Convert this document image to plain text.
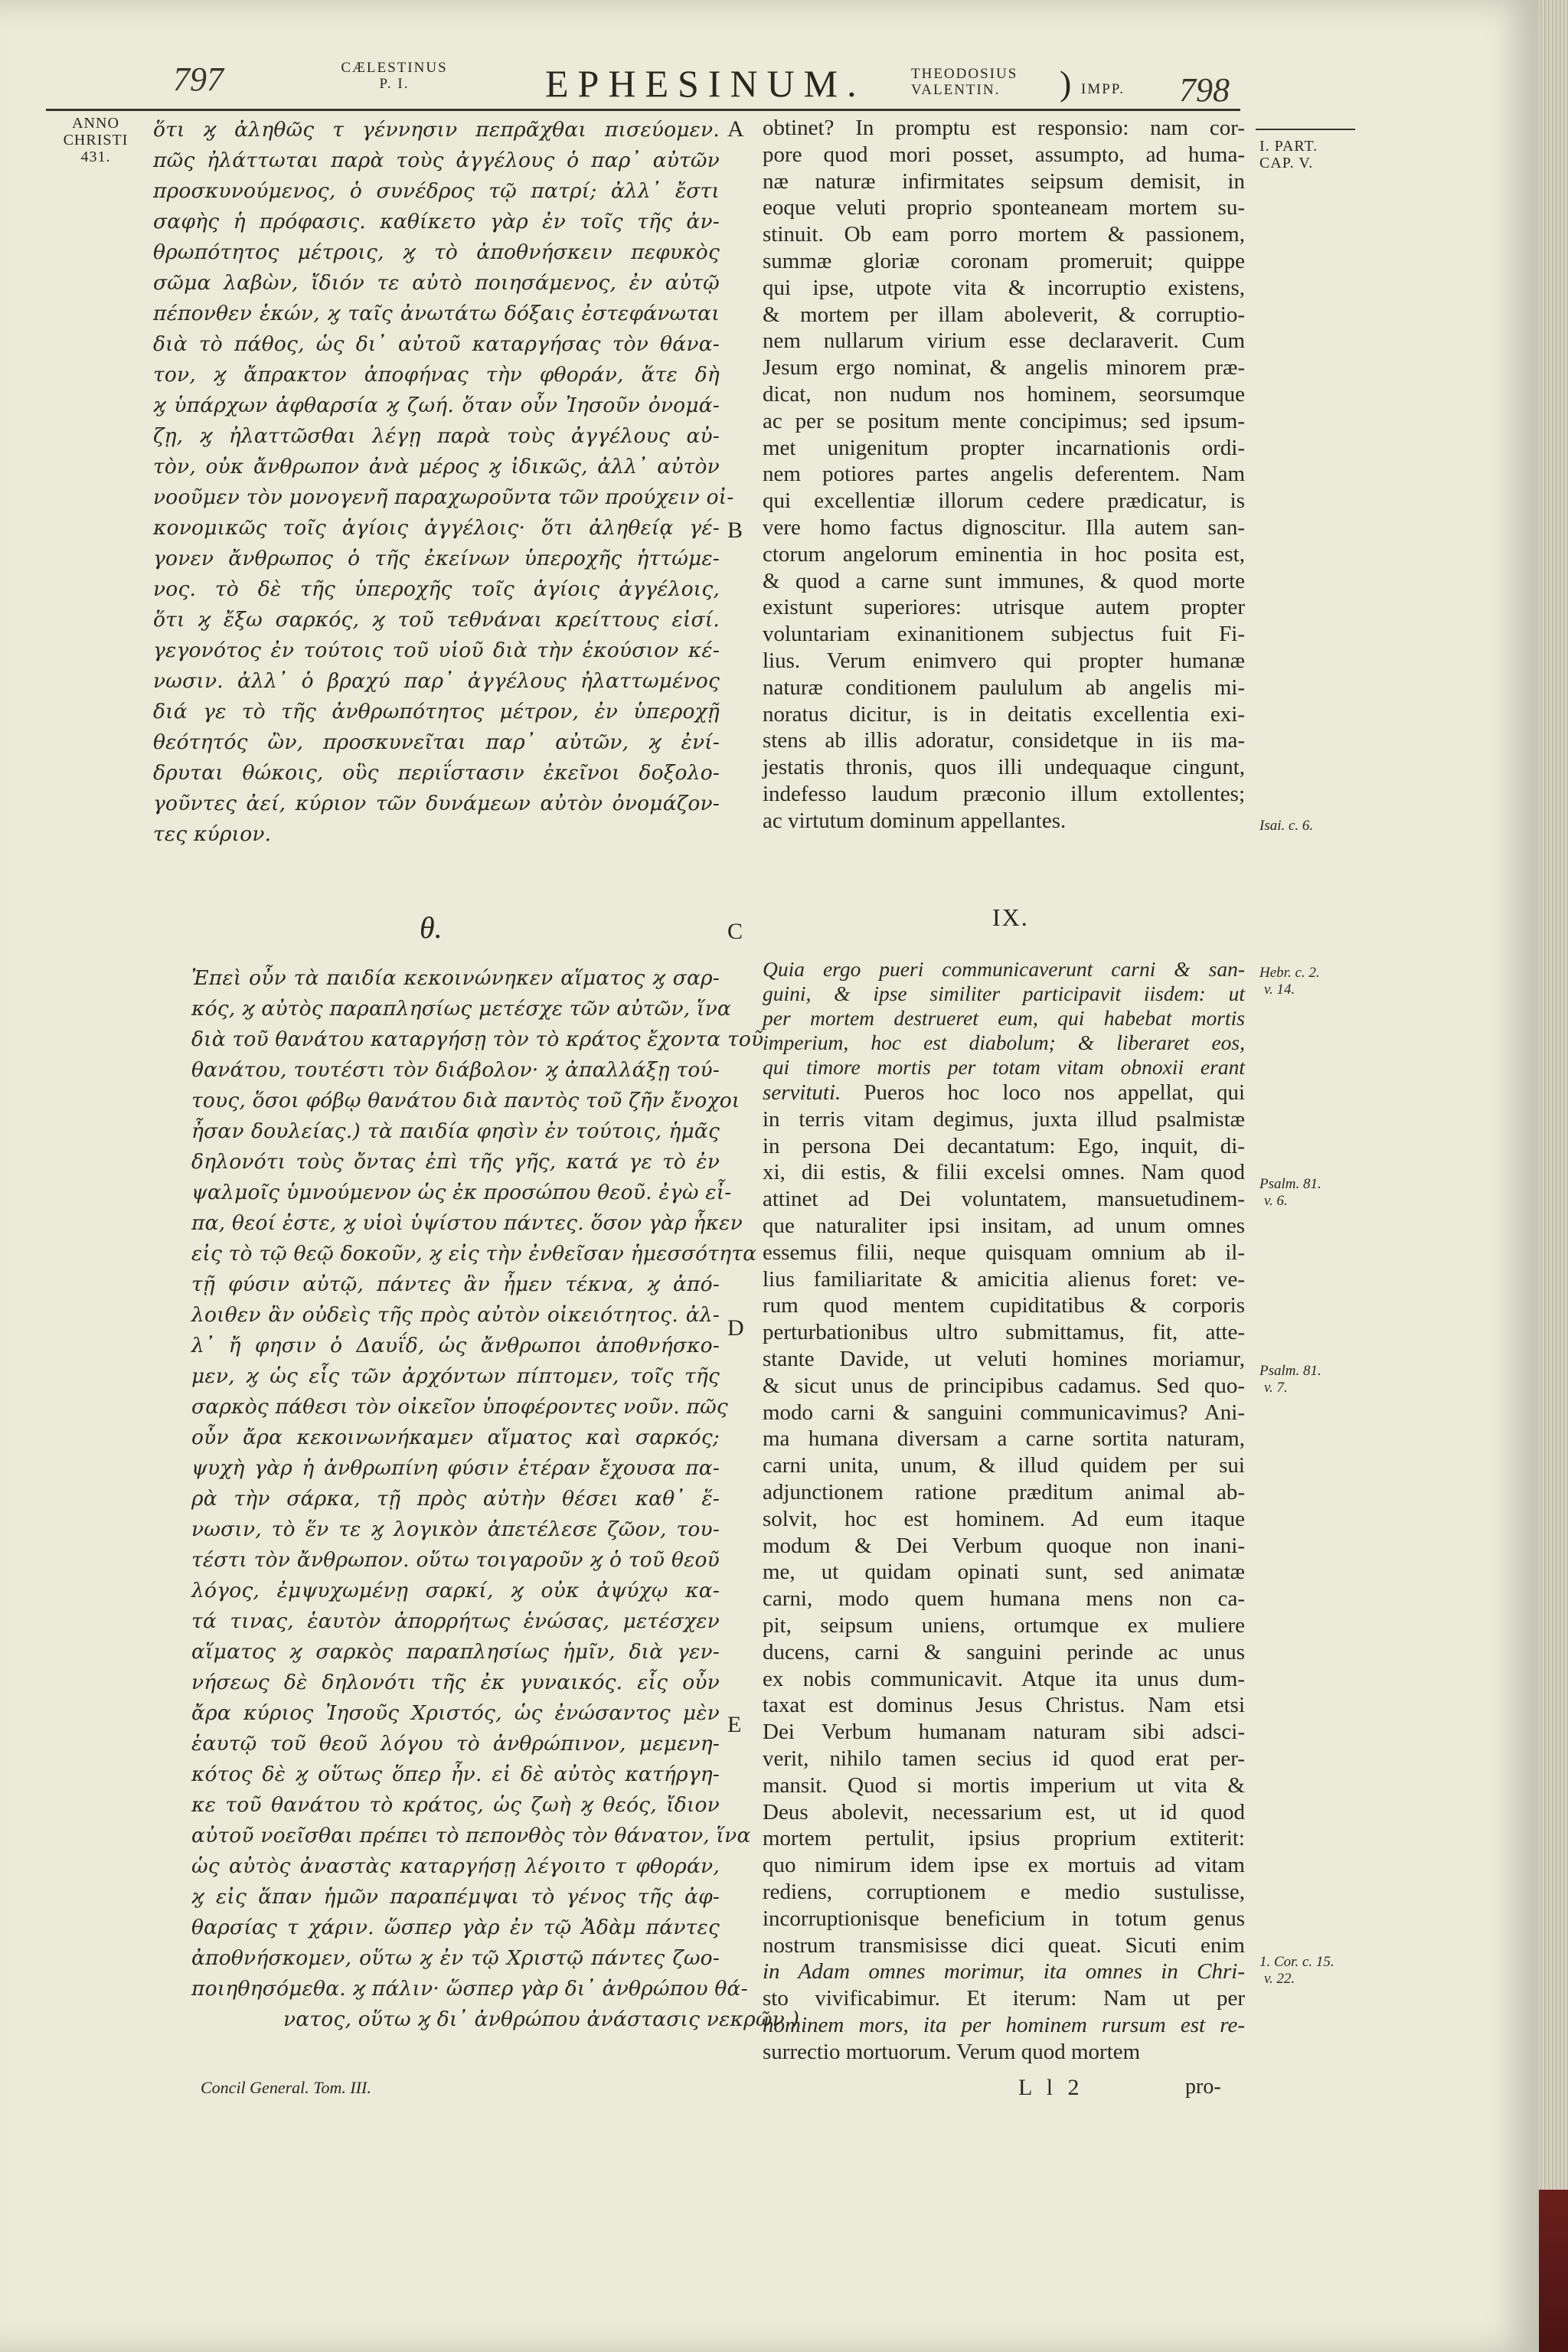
797	CÆLESTINUS
P. I.	EPHESINUM.	THEODOSIUS
VALENTIN.	) IMPP. 798
ANNO
CHRISTI
431.
I. PART.
CAP. V.
Isai. c. 6.
Hebr. c. 2.
v. 14.
Psalm. 81.
v. 6.
Psalm. 81.
v. 7.
1. Cor. c. 15.
v. 22.
A
B
C
D
E
ὅτι ϗ ἀληθῶς τ γέννησιν πεπρᾶχθαι πισεύομεν.
πῶς ἠλάττωται παρὰ τοὺς ἀγγέλους ὁ παρ᾽ αὐτῶν
προσκυνούμενος, ὁ συνέδρος τῷ πατρί; ἀλλ᾽ ἔστι
σαφὴς ἡ πρόφασις. καθίκετο γὰρ ἐν τοῖς τῆς ἀν-
θρωπότητος μέτροις, ϗ τὸ ἀποθνήσκειν πεφυκὸς
σῶμα λαβὼν, ἴδιόν τε αὐτὸ ποιησάμενος, ἐν αὐτῷ
πέπονθεν ἑκών, ϗ ταῖς ἀνωτάτω δόξαις ἐστεφάνωται
διὰ τὸ πάθος, ὡς δι᾽ αὐτοῦ καταργήσας τὸν θάνα-
τον, ϗ ἄπρακτον ἀποφήνας τὴν φθοράν, ἅτε δὴ
ϗ ὑπάρχων ἀφθαρσία ϗ ζωή. ὅταν οὖν Ἰησοῦν ὀνομά-
ζῃ, ϗ ἠλαττῶσθαι λέγῃ παρὰ τοὺς ἀγγέλους αὐ-
τὸν, οὐκ ἄνθρωπον ἀνὰ μέρος ϗ ἰδικῶς, ἀλλ᾽ αὐτὸν
νοοῦμεν τὸν μονογενῆ παραχωροῦντα τῶν προύχειν οἰ-
κονομικῶς τοῖς ἁγίοις ἀγγέλοις· ὅτι ἀληθείᾳ γέ-
γονεν ἄνθρωπος ὁ τῆς ἐκείνων ὑπεροχῆς ἡττώμε-
νος. τὸ δὲ τῆς ὑπεροχῆς τοῖς ἁγίοις ἀγγέλοις,
ὅτι ϗ ἔξω σαρκός, ϗ τοῦ τεθνάναι κρείττους εἰσί.
γεγονότος ἐν τούτοις τοῦ υἱοῦ διὰ τὴν ἑκούσιον κέ-
νωσιν. ἀλλ᾽ ὁ βραχύ παρ᾽ ἀγγέλους ἠλαττωμένος
διά γε τὸ τῆς ἀνθρωπότητος μέτρον, ἐν ὑπεροχῇ
θεότητός ὢν, προσκυνεῖται παρ᾽ αὐτῶν, ϗ ἐνί-
δρυται θώκοις, οὓς περιΐστασιν ἐκεῖνοι δοξολο-
γοῦντες ἀεί, κύριον τῶν δυνάμεων αὐτὸν ὀνομάζον-
τες κύριον.
θ.
Ἐπεὶ οὖν τὰ παιδία κεκοινώνηκεν αἵματος ϗ σαρ-
κός, ϗ αὐτὸς παραπλησίως μετέσχε τῶν αὐτῶν, ἵνα
διὰ τοῦ θανάτου καταργήσῃ τὸν τὸ κράτος ἔχοντα τοῦ
θανάτου, τουτέστι τὸν διάβολον· ϗ ἀπαλλάξῃ τού-
τους, ὅσοι φόβῳ θανάτου διὰ παντὸς τοῦ ζῆν ἔνοχοι
ἦσαν δουλείας.) τὰ παιδία φησὶν ἐν τούτοις, ἡμᾶς
δηλονότι τοὺς ὄντας ἐπὶ τῆς γῆς, κατά γε τὸ ἐν
ψαλμοῖς ὑμνούμενον ὡς ἐκ προσώπου θεοῦ. ἐγὼ εἶ-
πα, θεοί ἐστε, ϗ υἱοὶ ὑψίστου πάντες. ὅσον γὰρ ἧκεν
εἰς τὸ τῷ θεῷ δοκοῦν, ϗ εἰς τὴν ἐνθεῖσαν ἡμεσσότητα
τῇ φύσιν αὐτῷ, πάντες ἂν ἦμεν τέκνα, ϗ ἀπό-
λοιθεν ἂν οὐδεὶς τῆς πρὸς αὐτὸν οἰκειότητος. ἀλ-
λ᾽ ἤ φησιν ὁ Δαυΐδ, ὡς ἄνθρωποι ἀποθνήσκο-
μεν, ϗ ὡς εἷς τῶν ἀρχόντων πίπτομεν, τοῖς τῆς
σαρκὸς πάθεσι τὸν οἰκεῖον ὑποφέροντες νοῦν. πῶς
οὖν ἄρα κεκοινωνήκαμεν αἵματος καὶ σαρκός;
ψυχὴ γὰρ ἡ ἀνθρωπίνη φύσιν ἑτέραν ἔχουσα πα-
ρὰ τὴν σάρκα, τῇ πρὸς αὐτὴν θέσει καθ᾽ ἕ-
νωσιν, τὸ ἕν τε ϗ λογικὸν ἀπετέλεσε ζῶον, του-
τέστι τὸν ἄνθρωπον. οὕτω τοιγαροῦν ϗ ὁ τοῦ θεοῦ
λόγος, ἐμψυχωμένῃ σαρκί, ϗ οὐκ ἀψύχῳ κα-
τά τινας, ἑαυτὸν ἀπορρήτως ἑνώσας, μετέσχεν
αἵματος ϗ σαρκὸς παραπλησίως ἡμῖν, διὰ γεν-
νήσεως δὲ δηλονότι τῆς ἐκ γυναικός. εἷς οὖν
ἄρα κύριος Ἰησοῦς Χριστός, ὡς ἐνώσαντος μὲν
ἑαυτῷ τοῦ θεοῦ λόγου τὸ ἀνθρώπινον, μεμενη-
κότος δὲ ϗ οὕτως ὅπερ ἦν. εἰ δὲ αὐτὸς κατήργη-
κε τοῦ θανάτου τὸ κράτος, ὡς ζωὴ ϗ θεός, ἴδιον
αὐτοῦ νοεῖσθαι πρέπει τὸ πεπονθὸς τὸν θάνατον, ἵνα
ὡς αὐτὸς ἀναστὰς καταργήσῃ λέγοιτο τ φθοράν,
ϗ εἰς ἅπαν ἡμῶν παραπέμψαι τὸ γένος τῆς ἀφ-
θαρσίας τ χάριν. ὥσπερ γὰρ ἐν τῷ Ἀδὰμ πάντες
ἀποθνήσκομεν, οὕτω ϗ ἐν τῷ Χριστῷ πάντες ζωο-
ποιηθησόμεθα. ϗ πάλιν· ὥσπερ γὰρ δι᾽ ἀνθρώπου θά-
νατος, οὕτω ϗ δι᾽ ἀνθρώπου ἀνάστασις νεκρῶν.)
Concil General. Tom. III.
obtinet? In promptu est responsio: nam cor-
pore quod mori posset, assumpto, ad huma-
næ naturæ infirmitates seipsum demisit, in
eoque veluti proprio sponteaneam mortem su-
stinuit. Ob eam porro mortem & passionem,
summæ gloriæ coronam promeruit; quippe
qui ipse, utpote vita & incorruptio existens,
& mortem per illam aboleverit, & corruptio-
nem nullarum virium esse declaraverit. Cum
Jesum ergo nominat, & angelis minorem præ-
dicat, non nudum nos hominem, seorsumque
ac per se positum mente concipimus; sed ipsum-
met unigenitum propter incarnationis ordi-
nem potiores partes angelis deferentem. Nam
qui excellentiæ illorum cedere prædicatur, is
vere homo factus dignoscitur. Illa autem san-
ctorum angelorum eminentia in hoc posita est,
& quod a carne sunt immunes, & quod morte
existunt superiores: utrisque autem propter
voluntariam exinanitionem subjectus fuit Fi-
lius. Verum enimvero qui propter humanæ
naturæ conditionem paululum ab angelis mi-
noratus dicitur, is in deitatis excellentia exi-
stens ab illis adoratur, considetque in iis ma-
jestatis thronis, quos illi undequaque cingunt,
indefesso laudum præconio illum extollentes;
ac virtutum dominum appellantes.
IX.
Quia ergo pueri communicaverunt carni & san-
guini, & ipse similiter participavit iisdem: ut
per mortem destrueret eum, qui habebat mortis
imperium, hoc est diabolum; & liberaret eos,
qui timore mortis per totam vitam obnoxii erant
servituti. Pueros hoc loco nos appellat, qui
in terris vitam degimus, juxta illud psalmistæ
in persona Dei decantatum: Ego, inquit, di-
xi, dii estis, & filii excelsi omnes. Nam quod
attinet ad Dei voluntatem, mansuetudinem-
que naturaliter ipsi insitam, ad unum omnes
essemus filii, neque quisquam omnium ab il-
lius familiaritate & amicitia alienus foret: ve-
rum quod mentem cupiditatibus & corporis
perturbationibus ultro submittamus, fit, atte-
stante Davide, ut veluti homines moriamur,
& sicut unus de principibus cadamus. Sed quo-
modo carni & sanguini communicavimus? Ani-
ma humana diversam a carne sortita naturam,
carni unita, unum, & illud quidem per sui
adjunctionem ratione præditum animal ab-
solvit, hoc est hominem. Ad eum itaque
modum & Dei Verbum quoque non inani-
me, ut quidam opinati sunt, sed animatæ
carni, modo quem humana mens non ca-
pit, seipsum uniens, ortumque ex muliere
ducens, carni & sanguini perinde ac unus
ex nobis communicavit. Atque ita unus dum-
taxat est dominus Jesus Christus. Nam etsi
Dei Verbum humanam naturam sibi adsci-
verit, nihilo tamen secius id quod erat per-
mansit. Quod si mortis imperium ut vita &
Deus abolevit, necessarium est, ut id quod
mortem pertulit, ipsius proprium extiterit:
quo nimirum idem ipse ex mortuis ad vitam
rediens, corruptionem e medio sustulisse,
incorruptionisque beneficium in totum genus
nostrum transmisisse dici queat. Sicuti enim
in Adam omnes morimur, ita omnes in Chri-
sto vivificabimur. Et iterum: Nam ut per
hominem mors, ita per hominem rursum est re-
surrectio mortuorum. Verum quod mortem
L l 2	pro-
